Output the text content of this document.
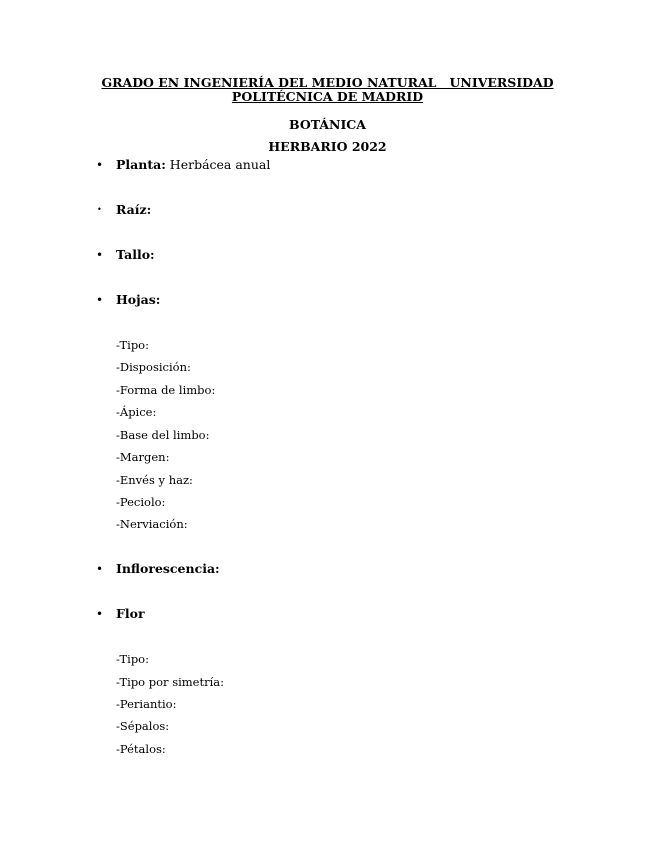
GRADO EN INGENIERÍA DEL MEDIO NATURAL   UNIVERSIDAD
POLITÉCNICA DE MADRID
BOTÁNICA
HERBARIO 2022
• Planta: Herbácea anual
• Raíz:
• Tallo:
• Hojas:
-Tipo:
-Disposición:
-Forma de limbo:
-Ápice:
-Base del limbo:
-Margen:
-Envés y haz:
-Peciolo:
-Nerviación:
• Inflorescencia:
• Flor
-Tipo:
-Tipo por simetría:
-Periantio:
-Sépalos:
-Pétalos:
